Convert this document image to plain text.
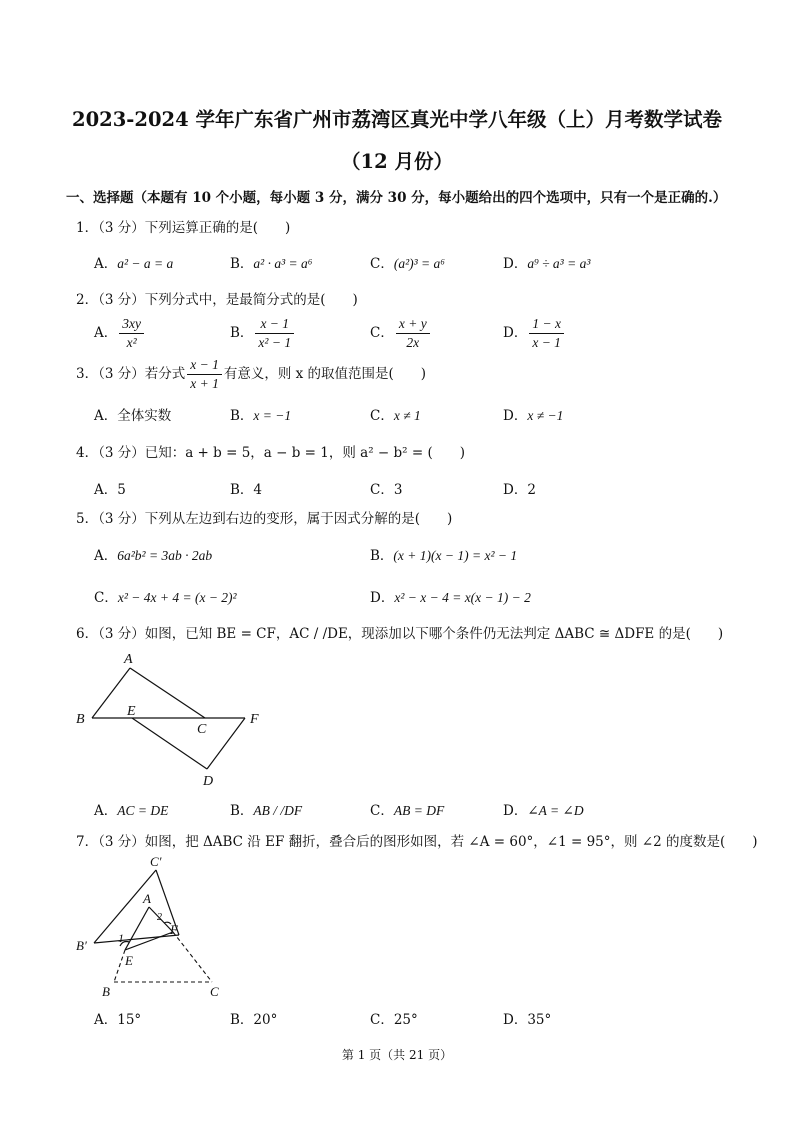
2023-2024 学年广东省广州市荔湾区真光中学八年级（上）月考数学试卷
（12 月份）
一、选择题（本题有 10 个小题，每小题 3 分，满分 30 分，每小题给出的四个选项中，只有一个是正确的.）
1．（3 分）下列运算正确的是(　　)
A．a² − a = a	B．a² · a³ = a⁶	C．(a²)³ = a⁶	D．a⁹ ÷ a³ = a³
2．（3 分）下列分式中，是最简分式的是(　　)
A． $\frac{3xy}{\text{x²}}$	B． $\frac{x - 1}{\text{x² − 1}}$	C． $\frac{x + y}{2x}$	D． $\frac{1 - x}{x - 1}$
3．（3 分）若分式 $\frac{x - 1}{x + 1}$ 有意义，则 x 的取值范围是(　　)
A．全体实数	B．x = −1	C．x ≠ 1	D．x ≠ −1
4．（3 分）已知：a + b = 5，a − b = 1，则 a² − b² = (　　)
A．5	B．4	C．3	D．2
5．（3 分）下列从左边到右边的变形，属于因式分解的是(　　)
A．6a²b² = 3ab · 2ab	B．(x + 1)(x − 1) = x² − 1
C．x² − 4x + 4 = (x − 2)²	D．x² − x − 4 = x(x − 1) − 2
6．（3 分）如图，已知 BE = CF，AC / /DE，现添加以下哪个条件仍无法判定 ΔABC ≅ ΔDFE 的是(　　)
A
B
E
C
F
D
A．AC = DE	B．AB / /DF	C．AB = DF	D．∠A = ∠D
7．（3 分）如图，把 ΔABC 沿 EF 翻折，叠合后的图形如图，若 ∠A = 60°，∠1 = 95°，则 ∠2 的度数是(　　)
C′
A
2
F
B′	1
E
B	C
A．15°	B．20°	C．25°	D．35°
第 1 页（共 21 页）
